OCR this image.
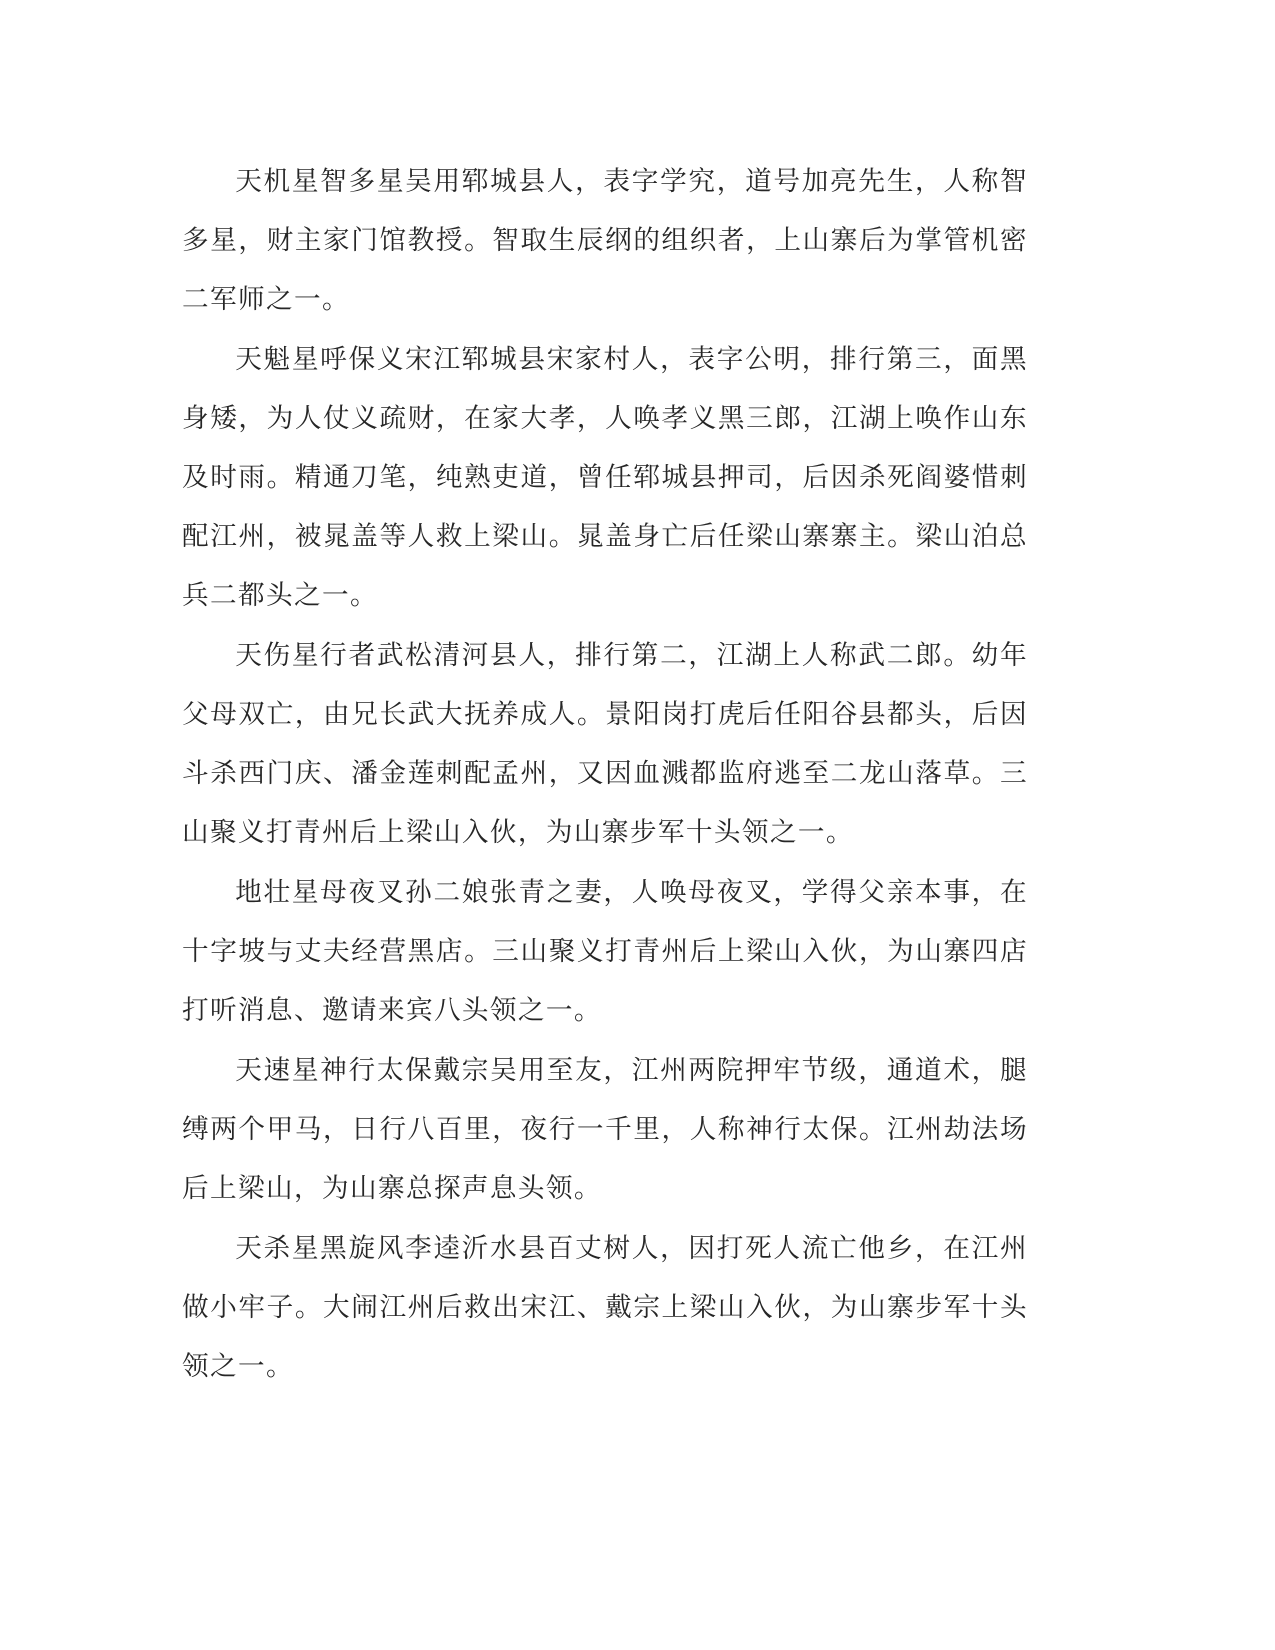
天机星智多星吴用郓城县人，表字学究，道号加亮先生，人称智多星，财主家门馆教授。智取生辰纲的组织者，上山寨后为掌管机密二军师之一。

天魁星呼保义宋江郓城县宋家村人，表字公明，排行第三，面黑身矮，为人仗义疏财，在家大孝，人唤孝义黑三郎，江湖上唤作山东及时雨。精通刀笔，纯熟吏道，曾任郓城县押司，后因杀死阎婆惜刺配江州，被晁盖等人救上梁山。晁盖身亡后任梁山寨寨主。梁山泊总兵二都头之一。

天伤星行者武松清河县人，排行第二，江湖上人称武二郎。幼年父母双亡，由兄长武大抚养成人。景阳岗打虎后任阳谷县都头，后因斗杀西门庆、潘金莲刺配孟州，又因血溅都监府逃至二龙山落草。三山聚义打青州后上梁山入伙，为山寨步军十头领之一。

地壮星母夜叉孙二娘张青之妻，人唤母夜叉，学得父亲本事，在十字坡与丈夫经营黑店。三山聚义打青州后上梁山入伙，为山寨四店打听消息、邀请来宾八头领之一。

天速星神行太保戴宗吴用至友，江州两院押牢节级，通道术，腿缚两个甲马，日行八百里，夜行一千里，人称神行太保。江州劫法场后上梁山，为山寨总探声息头领。

天杀星黑旋风李逵沂水县百丈树人，因打死人流亡他乡，在江州做小牢子。大闹江州后救出宋江、戴宗上梁山入伙，为山寨步军十头领之一。
